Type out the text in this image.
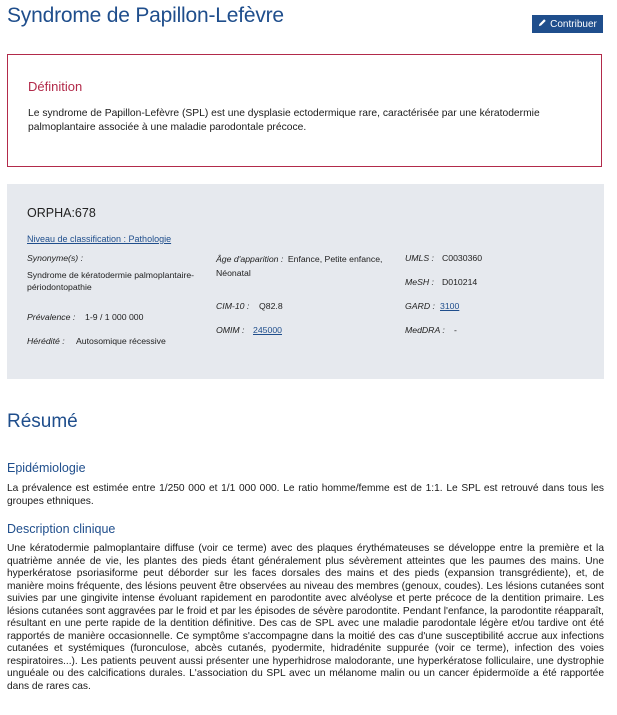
Syndrome de Papillon-Lefèvre	Contribuer
Définition
Le syndrome de Papillon-Lefèvre (SPL) est une dysplasie ectodermique rare, caractérisée par une kératodermie palmoplantaire associée à une maladie parodontale précoce.
ORPHA:678
Niveau de classification : Pathologie
Synonyme(s) :
Syndrome de kératodermie palmoplantaire-périodontopathie
Prévalence : 1-9 / 1 000 000
Hérédité : Autosomique récessive
Âge d'apparition : Enfance, Petite enfance, Néonatal
CIM-10 : Q82.8
OMIM : 245000
UMLS : C0030360
MeSH : D010214
GARD : 3100
MedDRA : -
Résumé
Epidémiologie

La prévalence est estimée entre 1/250 000 et 1/1 000 000. Le ratio homme/femme est de 1:1. Le SPL est retrouvé dans tous les groupes ethniques.

Description clinique

Une kératodermie palmoplantaire diffuse (voir ce terme) avec des plaques érythémateuses se développe entre la première et la quatrième année de vie, les plantes des pieds étant généralement plus sévèrement atteintes que les paumes des mains. Une hyperkératose psoriasiforme peut déborder sur les faces dorsales des mains et des pieds (expansion transgrédiente), et, de manière moins fréquente, des lésions peuvent être observées au niveau des membres (genoux, coudes). Les lésions cutanées sont suivies par une gingivite intense évoluant rapidement en parodontite avec alvéolyse et perte précoce de la dentition primaire. Les lésions cutanées sont aggravées par le froid et par les épisodes de sévère parodontite. Pendant l'enfance, la parodontite réapparaît, résultant en une perte rapide de la dentition définitive. Des cas de SPL avec une maladie parodontale légère et/ou tardive ont été rapportés de manière occasionnelle. Ce symptôme s'accompagne dans la moitié des cas d'une susceptibilité accrue aux infections cutanées et systémiques (furonculose, abcès cutanés, pyodermite, hidradénite suppurée (voir ce terme), infection des voies respiratoires...). Les patients peuvent aussi présenter une hyperhidrose malodorante, une hyperkératose folliculaire, une dystrophie unguéale ou des calcifications durales. L'association du SPL avec un mélanome malin ou un cancer épidermoïde a été rapportée dans de rares cas.
